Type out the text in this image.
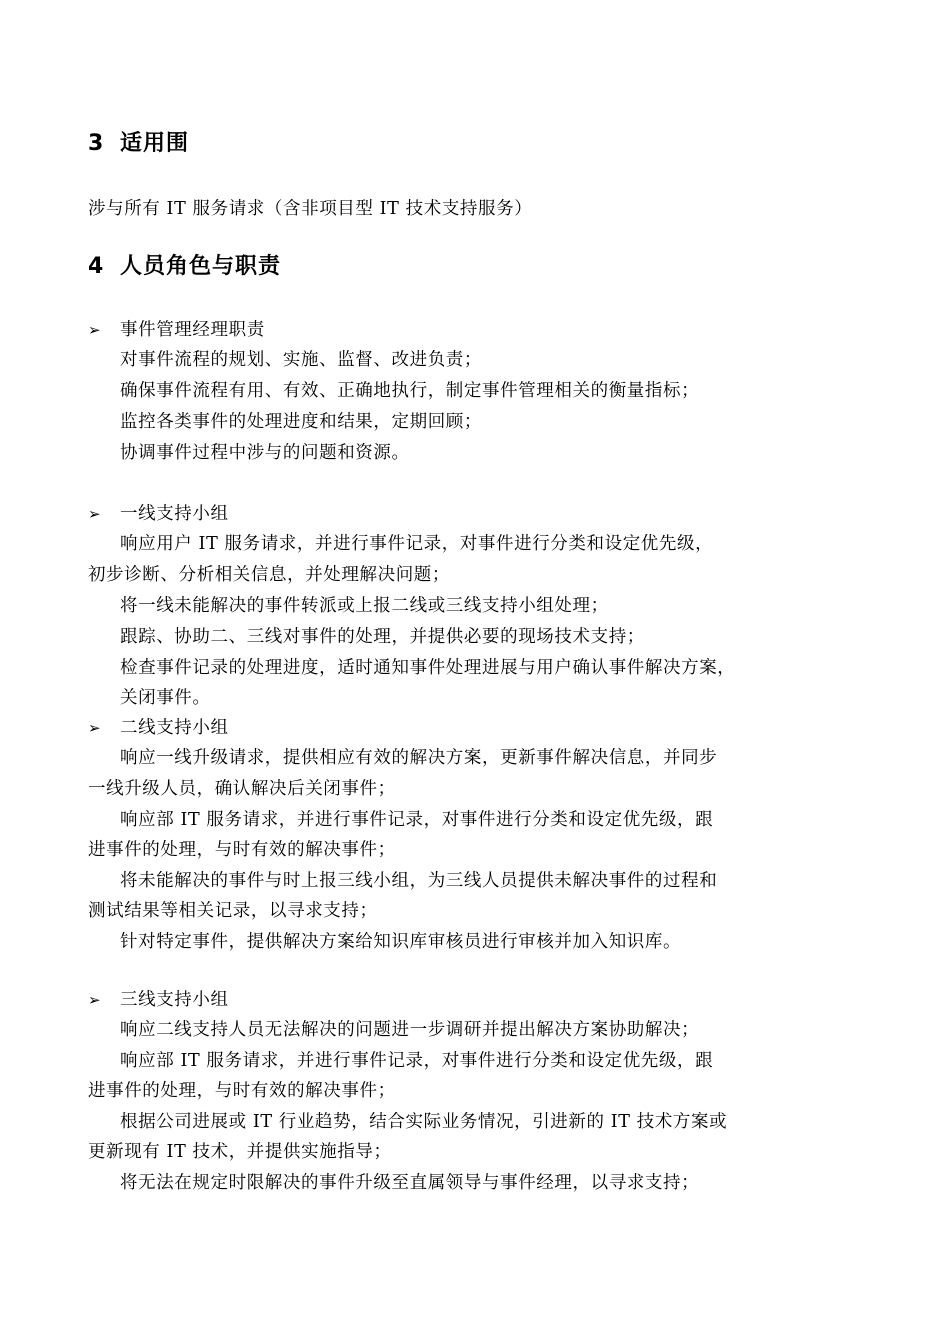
3 适用围
涉与所有 IT 服务请求（含非项目型 IT 技术支持服务）
4 人员角色与职责
➢ 事件管理经理职责
对事件流程的规划、实施、监督、改进负责；
确保事件流程有用、有效、正确地执行，制定事件管理相关的衡量指标；
监控各类事件的处理进度和结果，定期回顾；
协调事件过程中涉与的问题和资源。
➢ 一线支持小组
响应用户 IT 服务请求，并进行事件记录，对事件进行分类和设定优先级，
初步诊断、分析相关信息，并处理解决问题；
将一线未能解决的事件转派或上报二线或三线支持小组处理；
跟踪、协助二、三线对事件的处理，并提供必要的现场技术支持；
检查事件记录的处理进度，适时通知事件处理进展与用户确认事件解决方案，
关闭事件。
➢ 二线支持小组
响应一线升级请求，提供相应有效的解决方案，更新事件解决信息，并同步
一线升级人员，确认解决后关闭事件；
响应部 IT 服务请求，并进行事件记录，对事件进行分类和设定优先级，跟
进事件的处理，与时有效的解决事件；
将未能解决的事件与时上报三线小组，为三线人员提供未解决事件的过程和
测试结果等相关记录，以寻求支持；
针对特定事件，提供解决方案给知识库审核员进行审核并加入知识库。
➢ 三线支持小组
响应二线支持人员无法解决的问题进一步调研并提出解决方案协助解决；
响应部 IT 服务请求，并进行事件记录，对事件进行分类和设定优先级，跟
进事件的处理，与时有效的解决事件；
根据公司进展或 IT 行业趋势，结合实际业务情况，引进新的 IT 技术方案或
更新现有 IT 技术，并提供实施指导；
将无法在规定时限解决的事件升级至直属领导与事件经理，以寻求支持；
